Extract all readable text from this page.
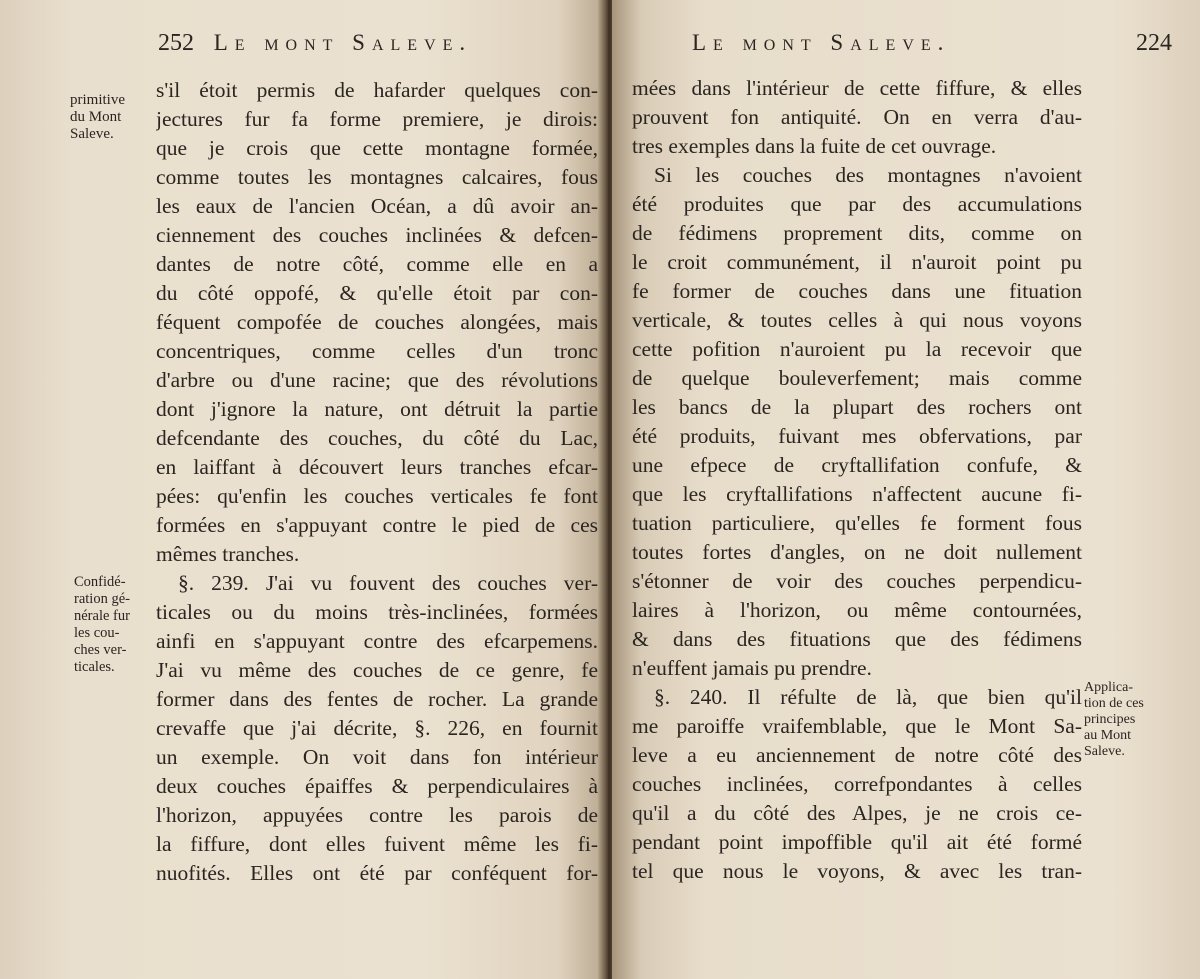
252 Le mont Saleve.
primitive
du Mont
Saleve.
Confidé-
ration gé-
nérale fur
les cou-
ches ver-
ticales.
s'il étoit permis de hafarder quelques con-
jectures fur fa forme premiere, je dirois:
que je crois que cette montagne formée,
comme toutes les montagnes calcaires, fous
les eaux de l'ancien Océan, a dû avoir an-
ciennement des couches inclinées & defcen-
dantes de notre côté, comme elle en a
du côté oppofé, & qu'elle étoit par con-
féquent compofée de couches alongées, mais
concentriques, comme celles d'un tronc
d'arbre ou d'une racine; que des révolutions
dont j'ignore la nature, ont détruit la partie
defcendante des couches, du côté du Lac,
en laiffant à découvert leurs tranches efcar-
pées: qu'enfin les couches verticales fe font
formées en s'appuyant contre le pied de ces
mêmes tranches.
§. 239. J'ai vu fouvent des couches ver-
ticales ou du moins très-inclinées, formées
ainfi en s'appuyant contre des efcarpemens.
J'ai vu même des couches de ce genre, fe
former dans des fentes de rocher. La grande
crevaffe que j'ai décrite, §. 226, en fournit
un exemple. On voit dans fon intérieur
deux couches épaiffes & perpendiculaires à
l'horizon, appuyées contre les parois de
la fiffure, dont elles fuivent même les fi-
nuofités. Elles ont été par conféquent for-
Le mont Saleve.	224
mées dans l'intérieur de cette fiffure, & elles
prouvent fon antiquité. On en verra d'au-
tres exemples dans la fuite de cet ouvrage.
Si les couches des montagnes n'avoient
été produites que par des accumulations
de fédimens proprement dits, comme on
le croit communément, il n'auroit point pu
fe former de couches dans une fituation
verticale, & toutes celles à qui nous voyons
cette pofition n'auroient pu la recevoir que
de quelque bouleverfement; mais comme
les bancs de la plupart des rochers ont
été produits, fuivant mes obfervations, par
une efpece de cryftallifation confufe, &
que les cryftallifations n'affectent aucune fi-
tuation particuliere, qu'elles fe forment fous
toutes fortes d'angles, on ne doit nullement
s'étonner de voir des couches perpendicu-
laires à l'horizon, ou même contournées,
& dans des fituations que des fédimens
n'euffent jamais pu prendre.
§. 240. Il réfulte de là, que bien qu'il
me paroiffe vraifemblable, que le Mont Sa-
leve a eu anciennement de notre côté des
couches inclinées, correfpondantes à celles
qu'il a du côté des Alpes, je ne crois ce-
pendant point impoffible qu'il ait été formé
tel que nous le voyons, & avec les tran-
Applica-
tion de ces
principes
au Mont
Saleve.
